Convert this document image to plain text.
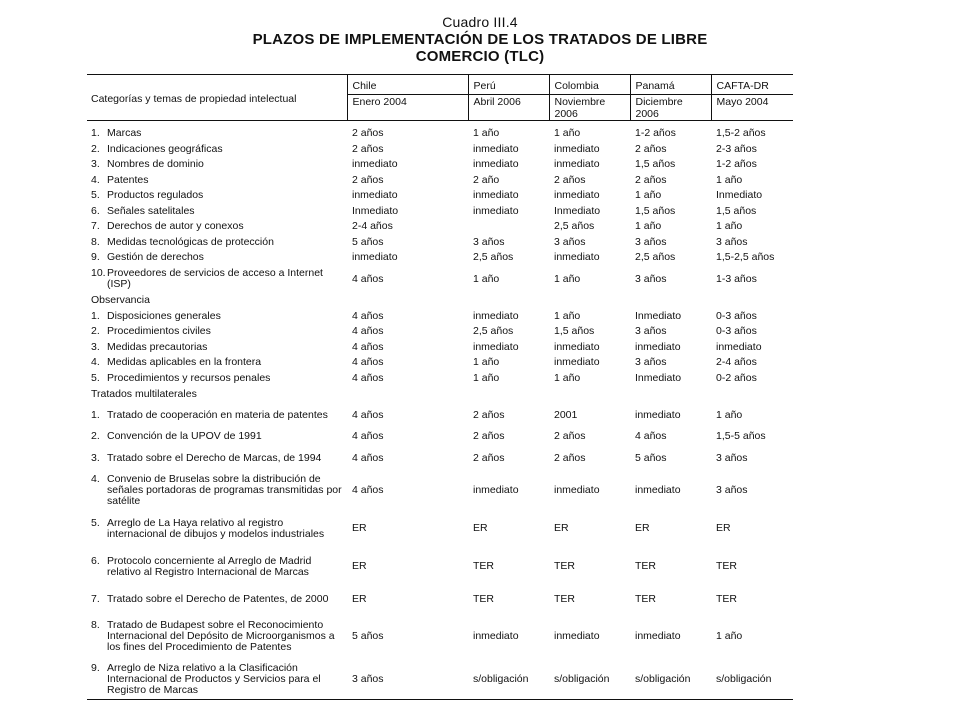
Cuadro III.4
PLAZOS DE IMPLEMENTACIÓN DE LOS TRATADOS DE LIBRE
COMERCIO (TLC)
Categorías y temas de propiedad intelectual	Chile	Perú	Colombia	Panamá	CAFTA-DR
	Enero 2004	Abril 2006	Noviembre 2006	Diciembre 2006	Mayo 2004

1. Marcas	2 años	1 año	1 año	1-2 años	1,5-2 años

2. Indicaciones geográficas	2 años	inmediato	inmediato	2 años	2-3 años

3. Nombres de dominio	inmediato	inmediato	inmediato	1,5 años	1-2 años

4. Patentes	2 años	2 año	2 años	2 años	1 año

5. Productos regulados	inmediato	inmediato	inmediato	1 año	Inmediato

6. Señales satelitales	Inmediato	inmediato	Inmediato	1,5 años	1,5 años

7. Derechos de autor y conexos	2-4 años		2,5 años	1 año	1 año

8. Medidas tecnológicas de protección	5 años	3 años	3 años	3 años	3 años

9. Gestión de derechos	inmediato	2,5 años	inmediato	2,5 años	1,5-2,5 años

10. Proveedores de servicios de acceso a Internet (ISP)	4 años	1 año	1 año	3 años	1-3 años
Observancia					

1. Disposiciones generales	4 años	inmediato	1 año	Inmediato	0-3 años

2. Procedimientos civiles	4 años	2,5 años	1,5 años	3 años	0-3 años

3. Medidas precautorias	4 años	inmediato	inmediato	inmediato	inmediato

4. Medidas aplicables en la frontera	4 años	1 año	inmediato	3 años	2-4 años

5. Procedimientos y recursos penales	4 años	1 año	1 año	Inmediato	0-2 años
Tratados multilaterales					

1. Tratado de cooperación en materia de patentes	4 años	2 años	2001	inmediato	1 año

2. Convención de la UPOV de 1991	4 años	2 años	2 años	4 años	1,5-5 años

3. Tratado sobre el Derecho de Marcas, de 1994	4 años	2 años	2 años	5 años	3 años

4. Convenio de Bruselas sobre la distribución de señales portadoras de programas transmitidas por satélite	4 años	inmediato	inmediato	inmediato	3 años

5. Arreglo de La Haya relativo al registro internacional de dibujos y modelos industriales	ER	ER	ER	ER	ER

6. Protocolo concerniente al Arreglo de Madrid relativo al Registro Internacional de Marcas	ER	TER	TER	TER	TER

7. Tratado sobre el Derecho de Patentes, de 2000	ER	TER	TER	TER	TER

8. Tratado de Budapest sobre el Reconocimiento Internacional del Depósito de Microorganismos a los fines del Procedimiento de Patentes	5 años	inmediato	inmediato	inmediato	1 año

9. Arreglo de Niza relativo a la Clasificación Internacional de Productos y Servicios para el Registro de Marcas	3 años	s/obligación	s/obligación	s/obligación	s/obligación
